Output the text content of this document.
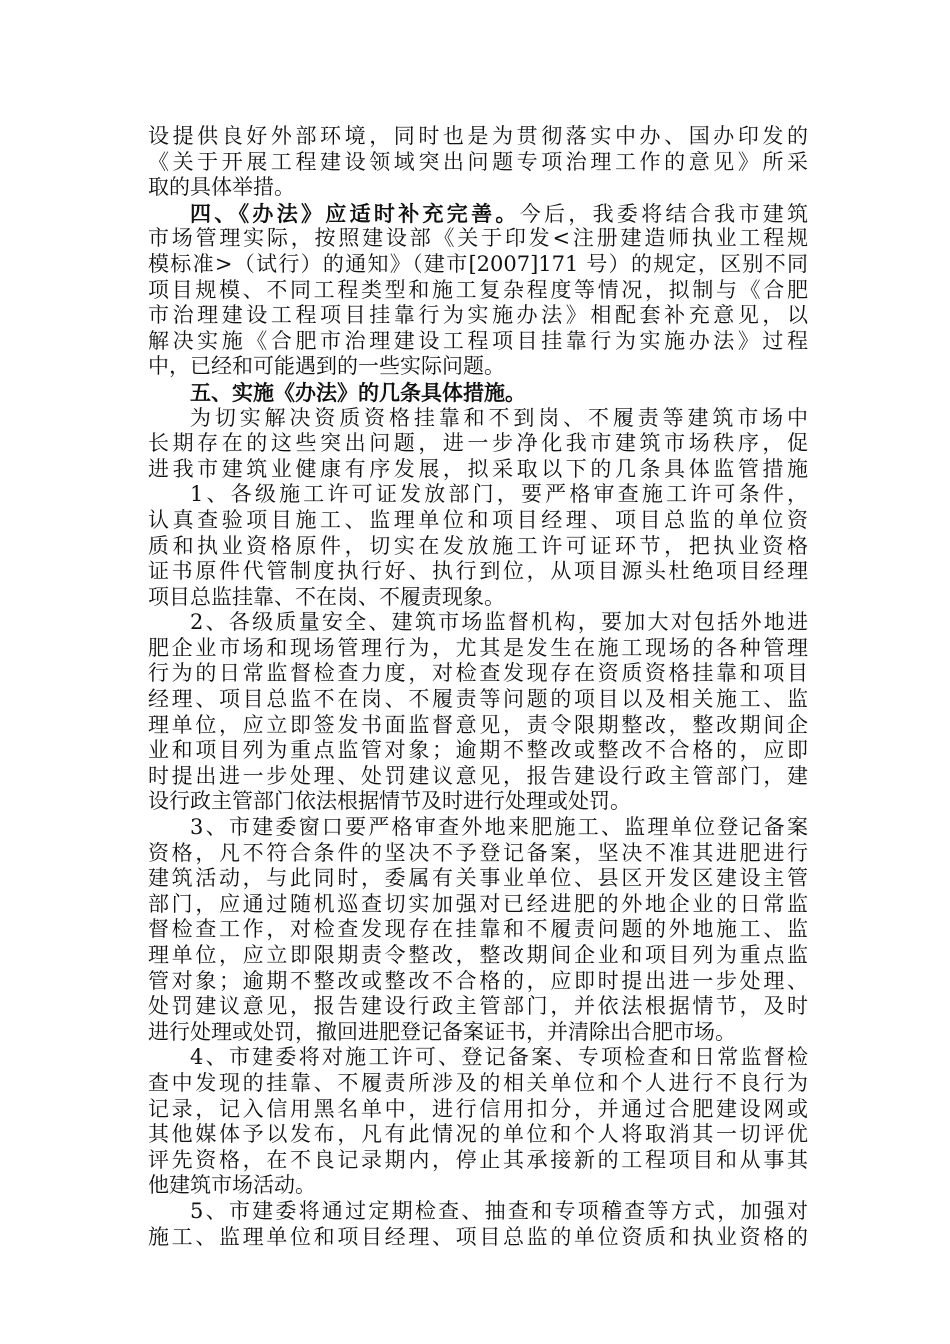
设提供良好外部环境，同时也是为贯彻落实中办、国办印发的
《关于开展工程建设领域突出问题专项治理工作的意见》所采
取的具体举措。
四、《办法》应适时补充完善。今后，我委将结合我市建筑
市场管理实际，按照建设部《关于印发<注册建造师执业工程规
模标准>（试行）的通知》（建市[2007]171 号）的规定，区别不同
项目规模、不同工程类型和施工复杂程度等情况，拟制与《合肥
市治理建设工程项目挂靠行为实施办法》相配套补充意见，以
解决实施《合肥市治理建设工程项目挂靠行为实施办法》过程
中，已经和可能遇到的一些实际问题。
五、实施《办法》的几条具体措施。
为切实解决资质资格挂靠和不到岗、不履责等建筑市场中
长期存在的这些突出问题，进一步净化我市建筑市场秩序，促
进我市建筑业健康有序发展，拟采取以下的几条具体监管措施
1、各级施工许可证发放部门，要严格审查施工许可条件，
认真查验项目施工、监理单位和项目经理、项目总监的单位资
质和执业资格原件，切实在发放施工许可证环节，把执业资格
证书原件代管制度执行好、执行到位，从项目源头杜绝项目经理
项目总监挂靠、不在岗、不履责现象。
2、各级质量安全、建筑市场监督机构，要加大对包括外地进
肥企业市场和现场管理行为，尤其是发生在施工现场的各种管理
行为的日常监督检查力度，对检查发现存在资质资格挂靠和项目
经理、项目总监不在岗、不履责等问题的项目以及相关施工、监
理单位，应立即签发书面监督意见，责令限期整改，整改期间企
业和项目列为重点监管对象；逾期不整改或整改不合格的，应即
时提出进一步处理、处罚建议意见，报告建设行政主管部门，建
设行政主管部门依法根据情节及时进行处理或处罚。
3、市建委窗口要严格审查外地来肥施工、监理单位登记备案
资格，凡不符合条件的坚决不予登记备案，坚决不准其进肥进行
建筑活动，与此同时，委属有关事业单位、县区开发区建设主管
部门，应通过随机巡查切实加强对已经进肥的外地企业的日常监
督检查工作，对检查发现存在挂靠和不履责问题的外地施工、监
理单位，应立即限期责令整改，整改期间企业和项目列为重点监
管对象；逾期不整改或整改不合格的，应即时提出进一步处理、
处罚建议意见，报告建设行政主管部门，并依法根据情节，及时
进行处理或处罚，撤回进肥登记备案证书，并清除出合肥市场。
4、市建委将对施工许可、登记备案、专项检查和日常监督检
查中发现的挂靠、不履责所涉及的相关单位和个人进行不良行为
记录，记入信用黑名单中，进行信用扣分，并通过合肥建设网或
其他媒体予以发布，凡有此情况的单位和个人将取消其一切评优
评先资格，在不良记录期内，停止其承接新的工程项目和从事其
他建筑市场活动。
5、市建委将通过定期检查、抽查和专项稽查等方式，加强对
施工、监理单位和项目经理、项目总监的单位资质和执业资格的
